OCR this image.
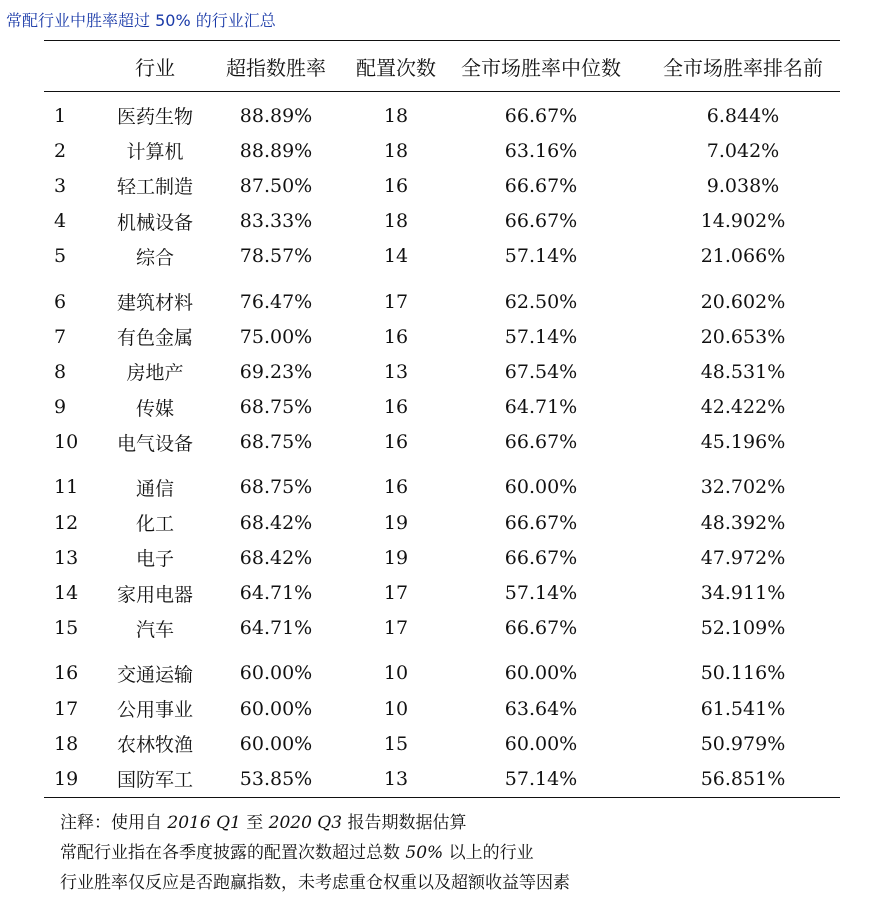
常配行业中胜率超过 50% 的行业汇总
	行业	超指数胜率	配置次数	全市场胜率中位数	全市场胜率排名前
1	医药生物	88.89%	18	66.67%	6.844%
2	计算机	88.89%	18	63.16%	7.042%
3	轻工制造	87.50%	16	66.67%	9.038%
4	机械设备	83.33%	18	66.67%	14.902%
5	综合	78.57%	14	57.14%	21.066%

6	建筑材料	76.47%	17	62.50%	20.602%
7	有色金属	75.00%	16	57.14%	20.653%
8	房地产	69.23%	13	67.54%	48.531%
9	传媒	68.75%	16	64.71%	42.422%
10	电气设备	68.75%	16	66.67%	45.196%

11	通信	68.75%	16	60.00%	32.702%
12	化工	68.42%	19	66.67%	48.392%
13	电子	68.42%	19	66.67%	47.972%
14	家用电器	64.71%	17	57.14%	34.911%
15	汽车	64.71%	17	66.67%	52.109%

16	交通运输	60.00%	10	60.00%	50.116%
17	公用事业	60.00%	10	63.64%	61.541%
18	农林牧渔	60.00%	15	60.00%	50.979%
19	国防军工	53.85%	13	57.14%	56.851%
注释：使用自 2016 Q1 至 2020 Q3 报告期数据估算
常配行业指在各季度披露的配置次数超过总数 50% 以上的行业
行业胜率仅反应是否跑赢指数，未考虑重仓权重以及超额收益等因素
